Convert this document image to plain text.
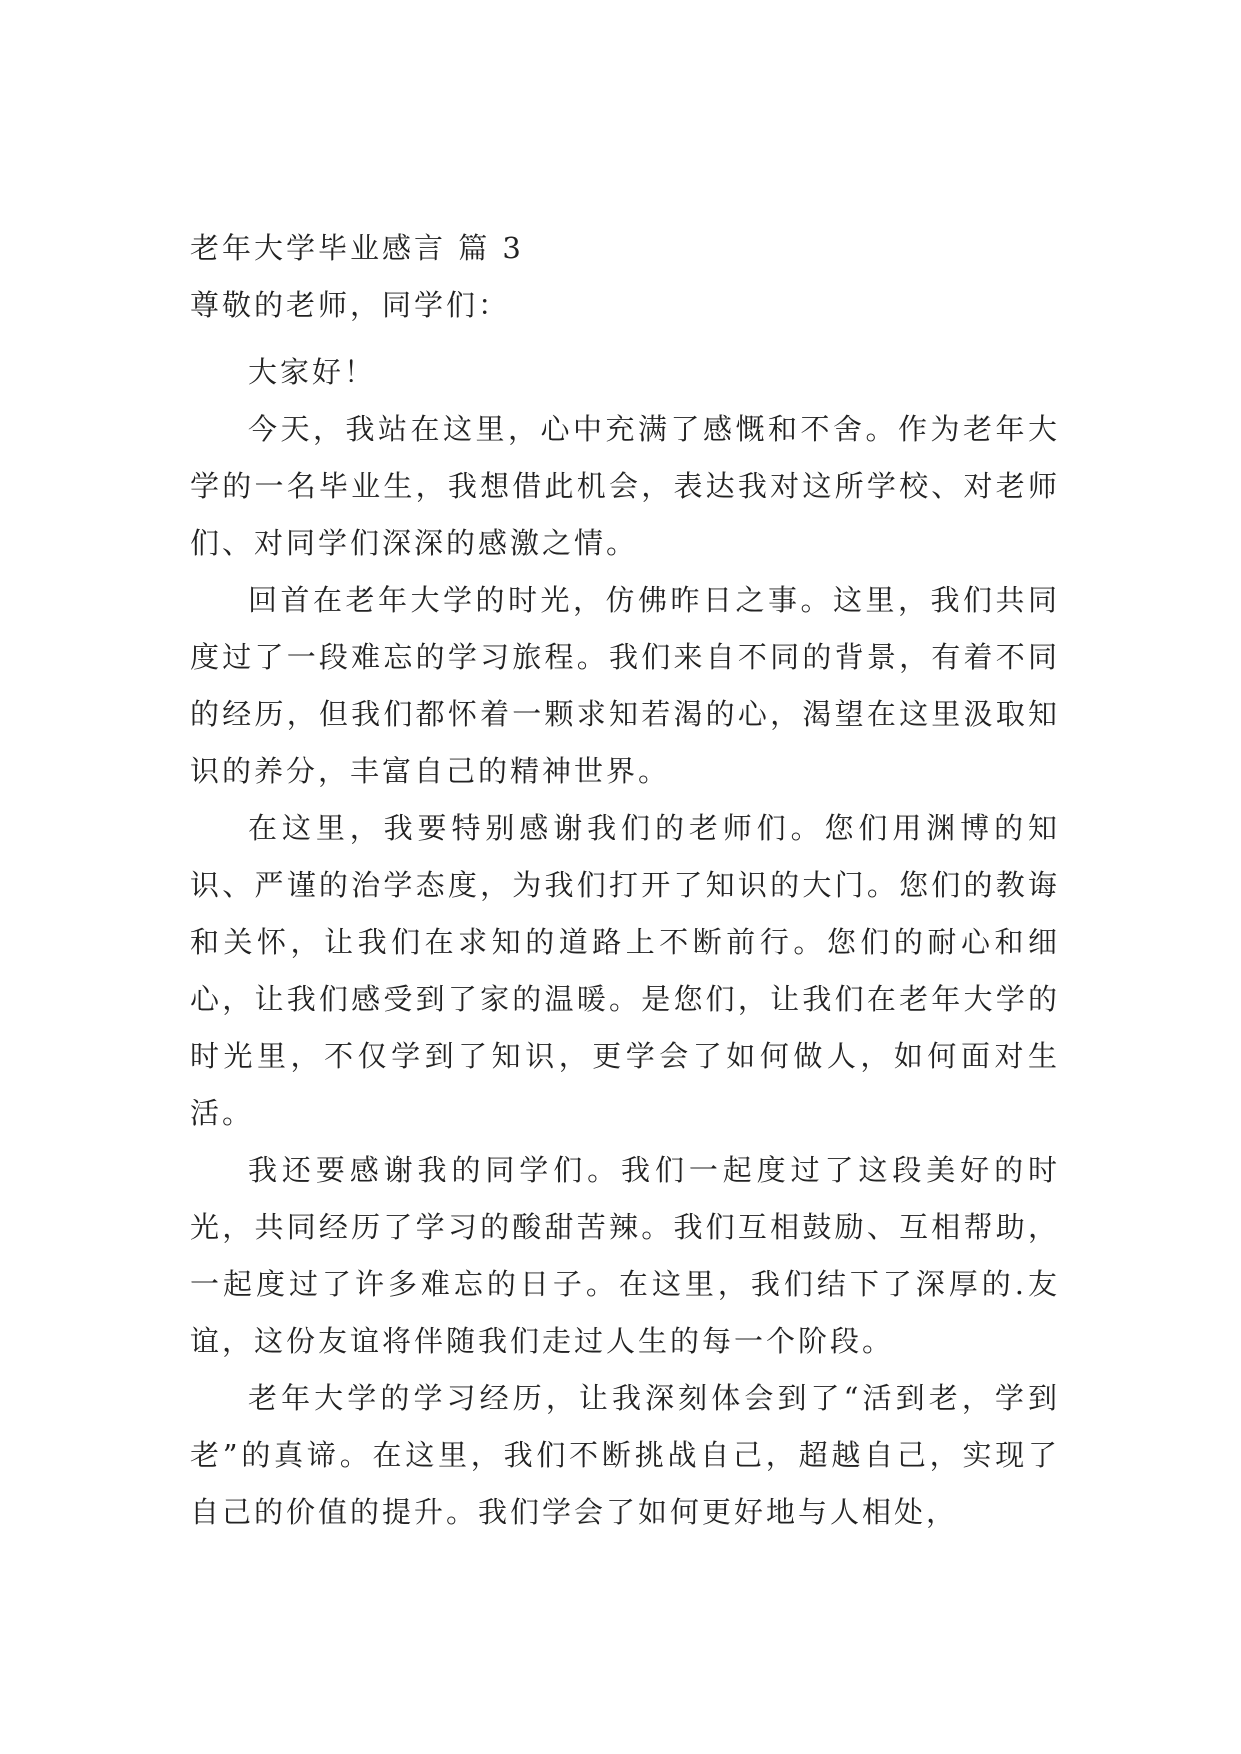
老年大学毕业感言 篇 3

尊敬的老师，同学们：

大家好！

今天，我站在这里，心中充满了感慨和不舍。作为老年大学的一名毕业生，我想借此机会，表达我对这所学校、对老师们、对同学们深深的感激之情。

回首在老年大学的时光，仿佛昨日之事。这里，我们共同度过了一段难忘的学习旅程。我们来自不同的背景，有着不同的经历，但我们都怀着一颗求知若渴的心，渴望在这里汲取知识的养分，丰富自己的精神世界。

在这里，我要特别感谢我们的老师们。您们用渊博的知识、严谨的治学态度，为我们打开了知识的大门。您们的教诲和关怀，让我们在求知的道路上不断前行。您们的耐心和细心，让我们感受到了家的温暖。是您们，让我们在老年大学的时光里，不仅学到了知识，更学会了如何做人，如何面对生活。

我还要感谢我的同学们。我们一起度过了这段美好的时光，共同经历了学习的酸甜苦辣。我们互相鼓励、互相帮助，一起度过了许多难忘的日子。在这里，我们结下了深厚的.友谊，这份友谊将伴随我们走过人生的每一个阶段。

老年大学的学习经历，让我深刻体会到了“活到老，学到老”的真谛。在这里，我们不断挑战自己，超越自己，实现了自己的价值的提升。我们学会了如何更好地与人相处，
